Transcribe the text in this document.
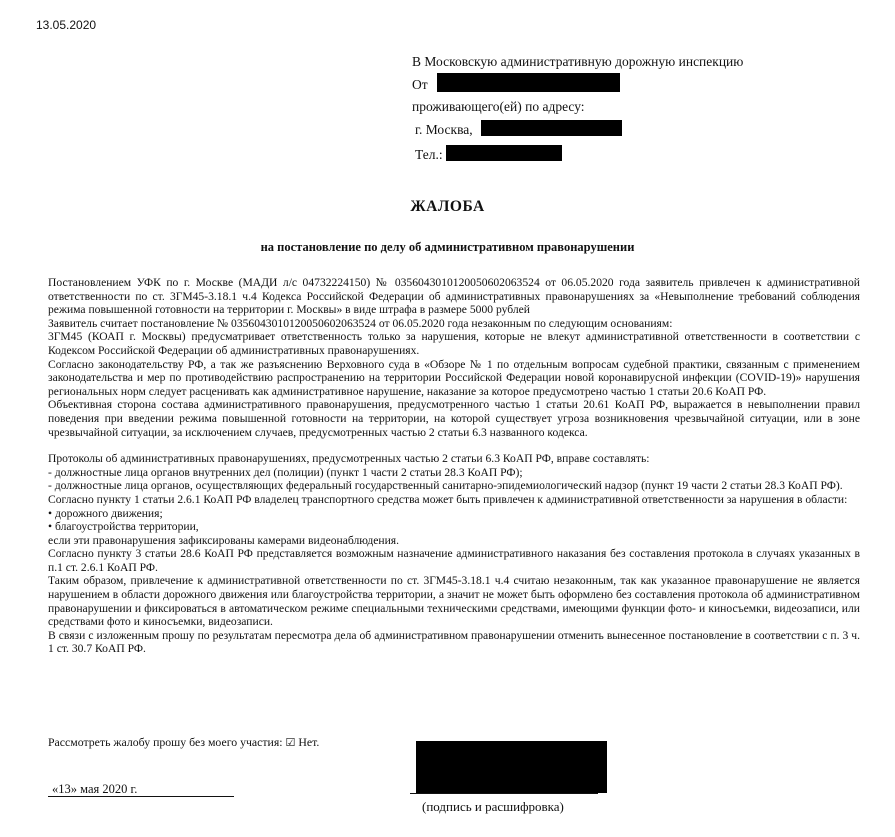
13.05.2020
В Московскую административную дорожную инспекцию
От
проживающего(ей) по адресу:
г. Москва,
Тел.:
ЖАЛОБА
на постановление по делу об административном правонарушении

Постановлением УФК по г. Москве (МАДИ л/с 04732224150) № 0356043010120050602063524 от 06.05.2020 года заявитель привлечен к административной ответственности по ст. 3ГМ45-3.18.1 ч.4 Кодекса Российской Федерации об административных правонарушениях за «Невыполнение требований соблюдения режима повышенной готовности на территории г. Москвы» в виде штрафа в размере 5000 рублей

Заявитель считает постановление № 0356043010120050602063524 от 06.05.2020 года незаконным по следующим основаниям:

3ГМ45 (КОАП г. Москвы) предусматривает ответственность только за нарушения, которые не влекут административной ответственности в соответствии с Кодексом Российской Федерации об административных правонарушениях.

Согласно законодательству РФ, а так же разъяснению Верховного суда в «Обзоре № 1 по отдельным вопросам судебной практики, связанным с применением законодательства и мер по противодействию распространению на территории Российской Федерации новой коронавирусной инфекции (COVID-19)» нарушения региональных норм следует расценивать как административное нарушение, наказание за которое предусмотрено частью 1 статьи 20.6 КоАП РФ.

Объективная сторона состава административного правонарушения, предусмотренного частью 1 статьи 20.61 КоАП РФ, выражается в невыполнении правил поведения при введении режима повышенной готовности на территории, на которой существует угроза возникновения чрезвычайной ситуации, или в зоне чрезвычайной ситуации, за исключением случаев, предусмотренных частью 2 статьи 6.3 названного кодекса.

Протоколы об административных правонарушениях, предусмотренных частью 2 статьи 6.3 КоАП РФ, вправе составлять:

- должностные лица органов внутренних дел (полиции) (пункт 1 части 2 статьи 28.3 КоАП РФ);

- должностные лица органов, осуществляющих федеральный государственный санитарно-эпидемиологический надзор (пункт 19 части 2 статьи 28.3 КоАП РФ).

Согласно пункту 1 статьи 2.6.1 КоАП РФ владелец транспортного средства может быть привлечен к административной ответственности за нарушения в области:

• дорожного движения;

• благоустройства территории,

если эти правонарушения зафиксированы камерами видеонаблюдения.

Согласно пункту 3 статьи 28.6 КоАП РФ представляется возможным назначение административного наказания без составления протокола в случаях указанных в п.1 ст. 2.6.1 КоАП РФ.

Таким образом, привлечение к административной ответственности по ст. 3ГМ45-3.18.1 ч.4 считаю незаконным, так как указанное правонарушение не является нарушением в области дорожного движения или благоустройства территории, а значит не может быть оформлено без составления протокола об административном правонарушении и фиксироваться в автоматическом режиме специальными техническими средствами, имеющими функции фото- и киносъемки, видеозаписи, или средствами фото и киносъемки, видеозаписи.

В связи с изложенным прошу по результатам пересмотра дела об административном правонарушении отменить вынесенное постановление в соответствии с п. 3 ч. 1 ст. 30.7 КоАП РФ.

Рассмотреть жалобу прошу без моего участия: ☑ Нет.
«13» мая 2020 г.
(подпись и расшифровка)
